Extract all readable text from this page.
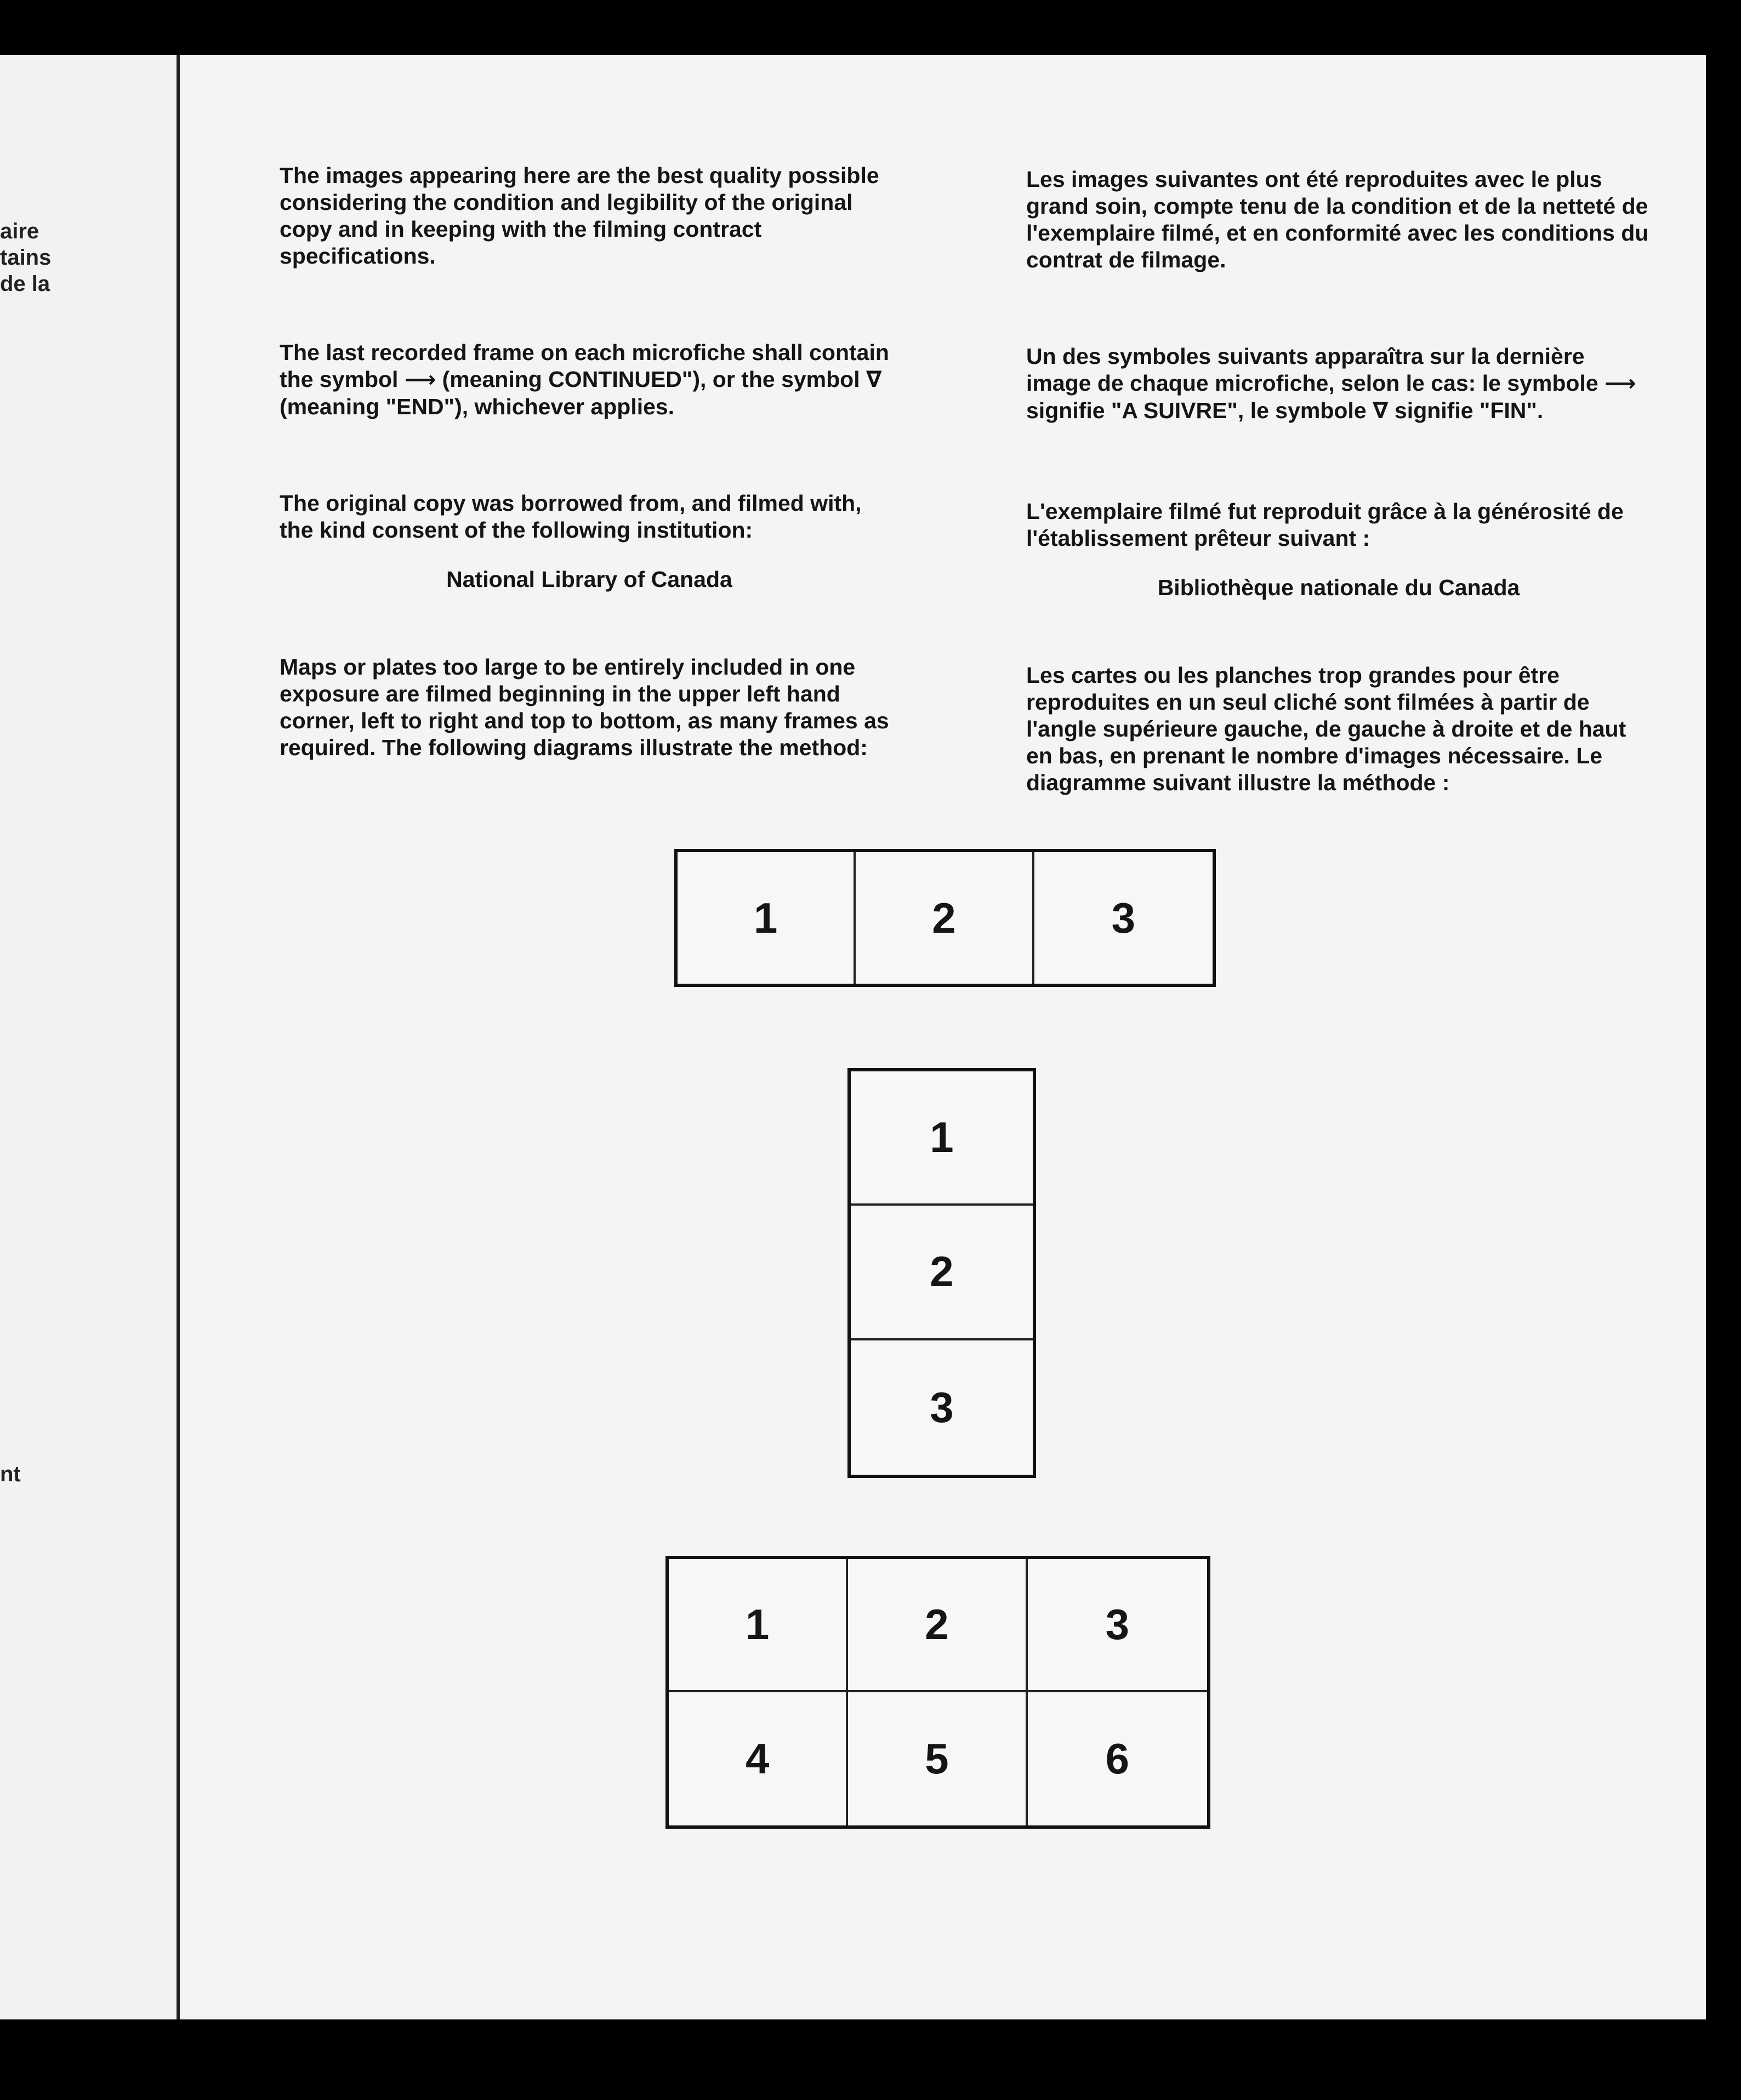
aire
tains
de la
nt

The images appearing here are the best quality possible considering the condition and legibility of the original copy and in keeping with the filming contract specifications.

The last recorded frame on each microfiche shall contain the symbol ⟶ (meaning CONTINUED"), or the symbol ∇ (meaning "END"), whichever applies.

The original copy was borrowed from, and filmed with, the kind consent of the following institution:

National Library of Canada

Maps or plates too large to be entirely included in one exposure are filmed beginning in the upper left hand corner, left to right and top to bottom, as many frames as required. The following diagrams illustrate the method:

Les images suivantes ont été reproduites avec le plus grand soin, compte tenu de la condition et de la netteté de l'exemplaire filmé, et en conformité avec les conditions du contrat de filmage.

Un des symboles suivants apparaîtra sur la dernière image de chaque microfiche, selon le cas: le symbole ⟶ signifie "A SUIVRE", le symbole ∇ signifie "FIN".

L'exemplaire filmé fut reproduit grâce à la générosité de l'établissement prêteur suivant :

Bibliothèque nationale du Canada

Les cartes ou les planches trop grandes pour être reproduites en un seul cliché sont filmées à partir de l'angle supérieure gauche, de gauche à droite et de haut en bas, en prenant le nombre d'images nécessaire. Le diagramme suivant illustre la méthode :

1	2	3
1
2
3
1	2	3
4	5	6
